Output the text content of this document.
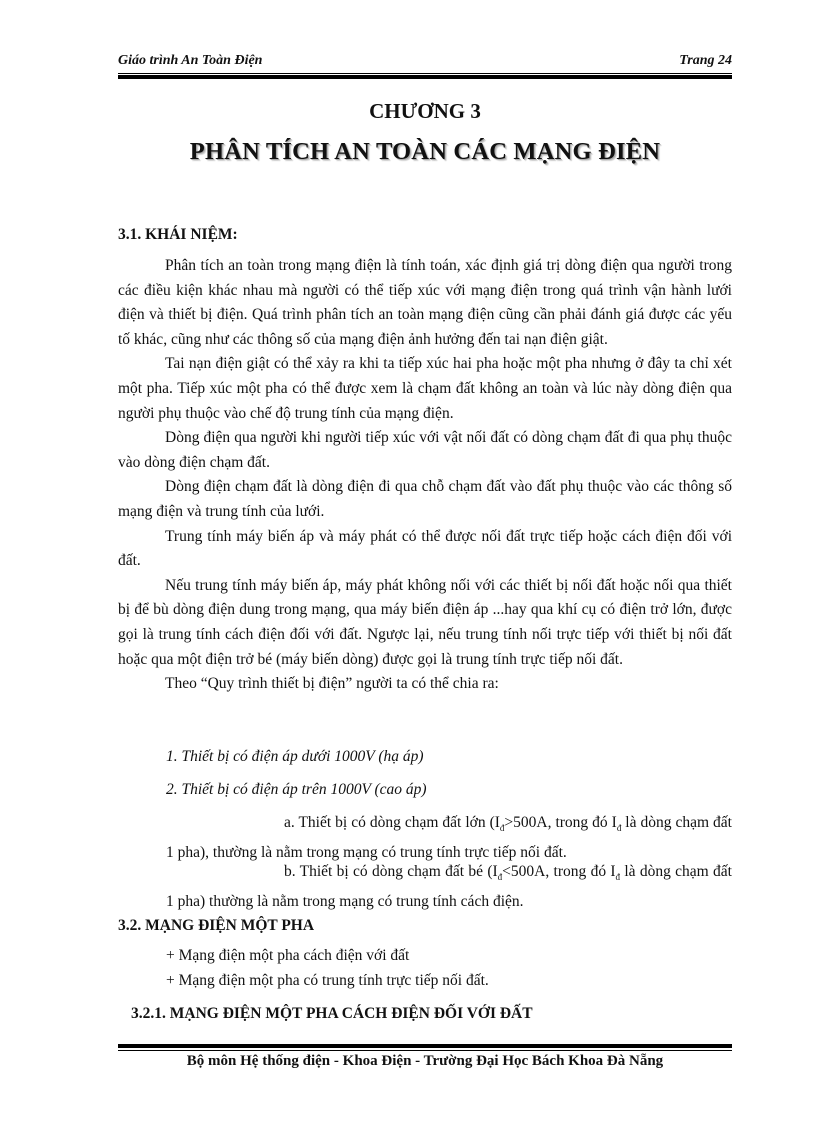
Giáo trình An Toàn Điện	Trang 24
CHƯƠNG 3
PHÂN TÍCH AN TOÀN CÁC MẠNG ĐIỆN
3.1. KHÁI NIỆM:

Phân tích an toàn trong mạng điện là tính toán, xác định giá trị dòng điện qua người trong các điều kiện khác nhau mà người có thể tiếp xúc với mạng điện trong quá trình vận hành lưới điện và thiết bị điện. Quá trình phân tích an toàn mạng điện cũng cần phải đánh giá được các yếu tố khác, cũng như các thông số của mạng điện ảnh hưởng đến tai nạn điện giật.

Tai nạn điện giật có thể xảy ra khi ta tiếp xúc hai pha hoặc một pha nhưng ở đây ta chỉ xét một pha. Tiếp xúc một pha có thể được xem là chạm đất không an toàn và lúc này dòng điện qua người phụ thuộc vào chế độ trung tính của mạng điện.

Dòng điện qua người khi người tiếp xúc với vật nối đất có dòng chạm đất đi qua phụ thuộc vào dòng điện chạm đất.

Dòng điện chạm đất là dòng điện đi qua chỗ chạm đất vào đất phụ thuộc vào các thông số mạng điện và trung tính của lưới.

Trung tính máy biến áp và máy phát có thể được nối đất trực tiếp hoặc cách điện đối với đất.

Nếu trung tính máy biến áp, máy phát không nối với các thiết bị nối đất hoặc nối qua thiết bị để bù dòng điện dung trong mạng, qua máy biến điện áp ...hay qua khí cụ có điện trở lớn, được gọi là trung tính cách điện đối với đất. Ngược lại, nếu trung tính nối trực tiếp với thiết bị nối đất hoặc qua một điện trở bé (máy biến dòng) được gọi là trung tính trực tiếp nối đất.

Theo “Quy trình thiết bị điện” người ta có thể chia ra:

1. Thiết bị có điện áp dưới 1000V (hạ áp)
2. Thiết bị có điện áp trên 1000V (cao áp)

a. Thiết bị có dòng chạm đất lớn ($I_đ>500A$, trong đó $I_đ$ là dòng chạm đất 1 pha), thường là nằm trong mạng có trung tính trực tiếp nối đất.

b. Thiết bị có dòng chạm đất bé ($I_đ<500A$, trong đó $I_đ$ là dòng chạm đất 1 pha) thường là nằm trong mạng có trung tính cách điện.

3.2. MẠNG ĐIỆN MỘT PHA
+ Mạng điện một pha cách điện với đất
+ Mạng điện một pha có trung tính trực tiếp nối đất.
3.2.1. MẠNG ĐIỆN MỘT PHA CÁCH ĐIỆN ĐỐI VỚI ĐẤT
Bộ môn Hệ thống điện - Khoa Điện - Trường Đại Học Bách Khoa Đà Nẵng
